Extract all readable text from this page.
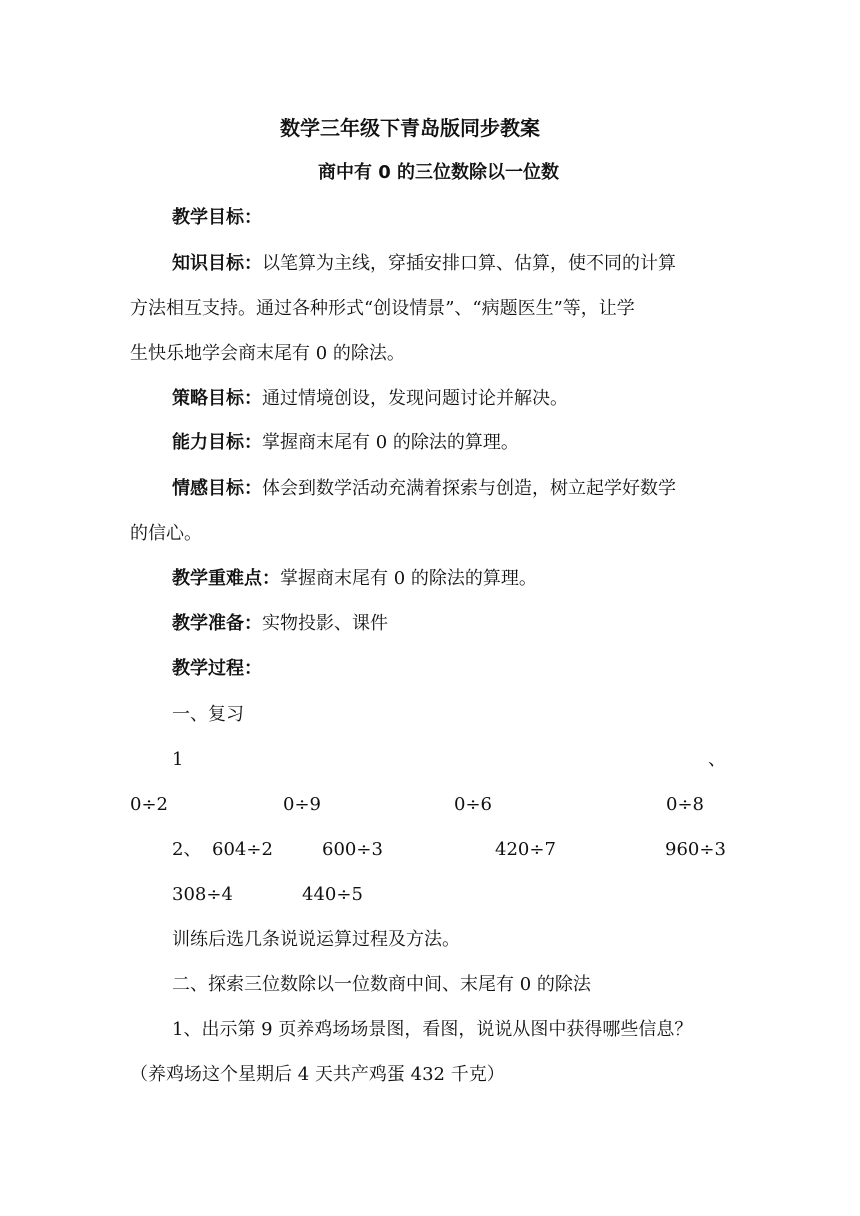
数学三年级下青岛版同步教案
商中有 0 的三位数除以一位数
教学目标：
知识目标：以笔算为主线，穿插安排口算、估算，使不同的计算
方法相互支持。通过各种形式“创设情景”、“病题医生”等，让学
生快乐地学会商末尾有 0 的除法。
策略目标：通过情境创设，发现问题讨论并解决。
能力目标：掌握商末尾有 0 的除法的算理。
情感目标：体会到数学活动充满着探索与创造，树立起学好数学
的信心。
教学重难点：掌握商末尾有 0 的除法的算理。
教学准备：实物投影、课件
教学过程：
一、复习
1	、
0÷2	0÷9	0÷6	0÷8
2、 604÷2	600÷3	420÷7	960÷3
308÷4	440÷5
训练后选几条说说运算过程及方法。
二、探索三位数除以一位数商中间、末尾有 0 的除法
1、出示第 9 页养鸡场场景图，看图，说说从图中获得哪些信息？
（养鸡场这个星期后 4 天共产鸡蛋 432 千克）
